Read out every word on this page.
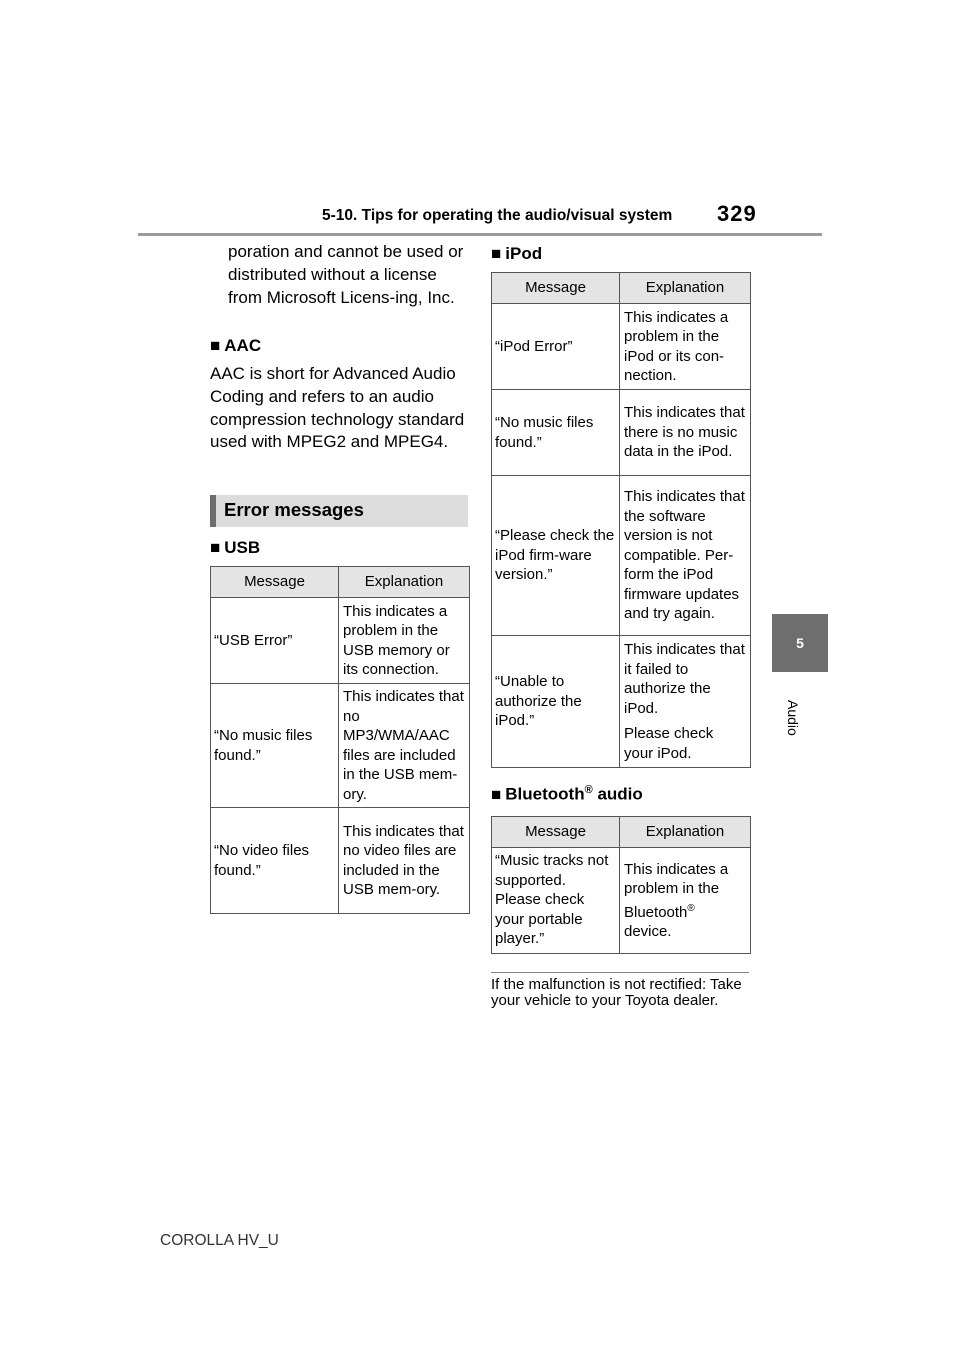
5-10. Tips for operating the audio/visual system 329
5
Audio
poration and cannot be used or distributed without a license from Microsoft Licens-ing, Inc.
■ AAC
AAC is short for Advanced Audio Coding and refers to an audio compression technology standard used with MPEG2 and MPEG4.
Error messages
■ USB
Message	Explanation
“USB Error”	This indicates a problem in the USB memory or its connection.
“No music files found.”	This indicates that no MP3/WMA/AAC files are included in the USB mem-ory.
“No video files found.”	This indicates that no video files are included in the USB mem-ory.
■ iPod
Message	Explanation
“iPod Error”	This indicates a problem in the iPod or its con-nection.
“No music files found.”	This indicates that there is no music data in the iPod.
“Please check the iPod firm-ware version.”	This indicates that the software version is not compatible. Per-form the iPod firmware updates and try again.
“Unable to authorize the iPod.”	This indicates that it failed to authorize the iPod.
Please check your iPod.
■ Bluetooth® audio
Message	Explanation
“Music tracks not supported. Please check your portable player.”	This indicates a problem in the Bluetooth® device.
If the malfunction is not rectified: Take your vehicle to your Toyota dealer.
COROLLA HV_U
